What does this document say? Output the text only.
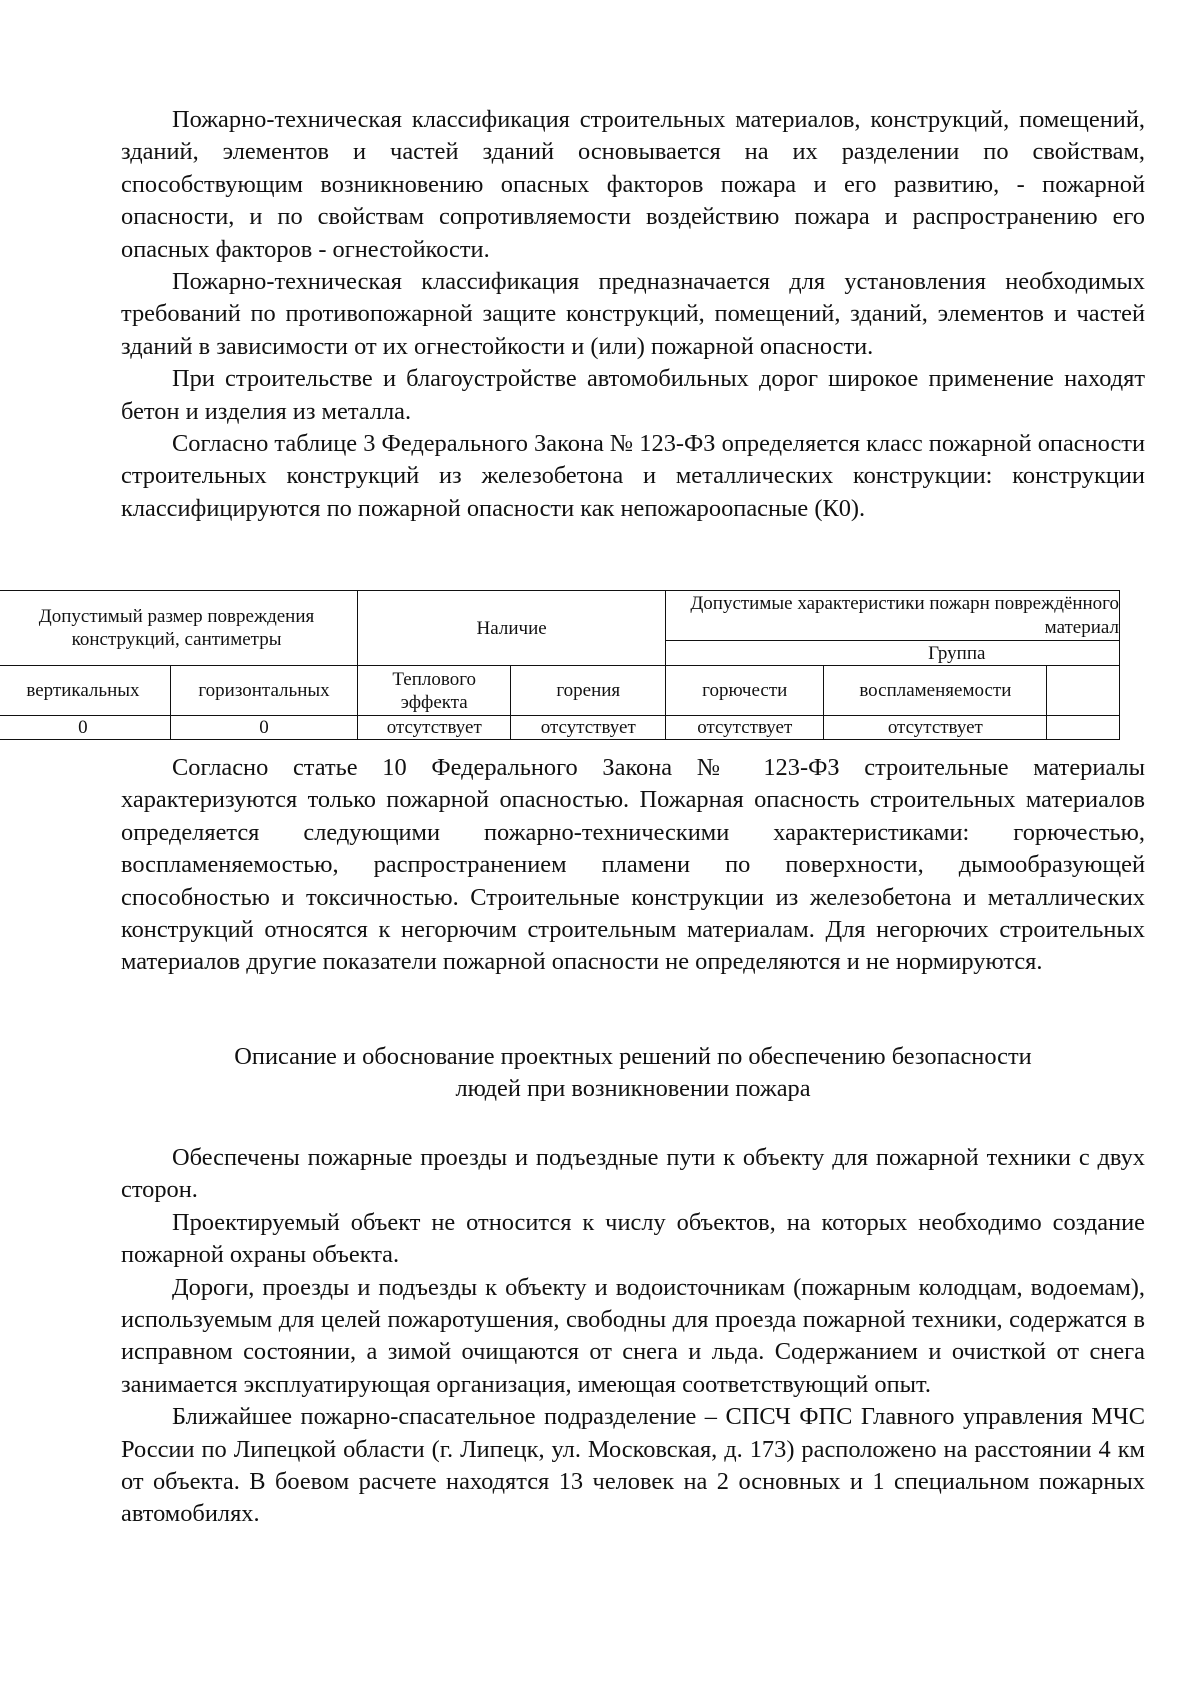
Пожарно-техническая классификация строительных материалов, конструкций, помещений, зданий, элементов и частей зданий основывается на их разделении по свойствам, способствующим возникновению опасных факторов пожара и его развитию, - пожарной опасности, и по свойствам сопротивляемости воздействию пожара и распространению его опасных факторов - огнестойкости.

Пожарно-техническая классификация предназначается для установления необходимых требований по противопожарной защите конструкций, помещений, зданий, элементов и частей зданий в зависимости от их огнестойкости и (или) пожарной опасности.

При строительстве и благоустройстве автомобильных дорог широкое применение находят бетон и изделия из металла.

Согласно таблице 3 Федерального Закона № 123-ФЗ определяется класс пожарной опасности строительных конструкций из железобетона и металлических конструкции: конструкции классифицируются по пожарной опасности как непожароопасные (К0).

	Допустимый размер повреждения конструкций, сантиметры		Наличие		Допустимые характеристики пожарн повреждённого материал		
					Группа		
	вертикальных	горизонтальных	Теплового эффекта	горения	горючести	воспламеняемости	
	0	0	отсутствует	отсутствует	отсутствует	отсутствует	

Согласно статье 10 Федерального Закона № 123-ФЗ строительные материалы характеризуются только пожарной опасностью. Пожарная опасность строительных материалов определяется следующими пожарно-техническими характеристиками: горючестью, воспламеняемостью, распространением пламени по поверхности, дымообразующей способностью и токсичностью. Строительные конструкции из железобетона и металлических конструкций относятся к негорючим строительным материалам. Для негорючих строительных материалов другие показатели пожарной опасности не определяются и не нормируются.

Описание и обоснование проектных решений по обеспечению безопасности
людей при возникновении пожара

Обеспечены пожарные проезды и подъездные пути к объекту для пожарной техники с двух сторон.

Проектируемый объект не относится к числу объектов, на которых необходимо создание пожарной охраны объекта.

Дороги, проезды и подъезды к объекту и водоисточникам (пожарным колодцам, водоемам), используемым для целей пожаротушения, свободны для проезда пожарной техники, содержатся в исправном состоянии, а зимой очищаются от снега и льда. Содержанием и очисткой от снега занимается эксплуатирующая организация, имеющая соответствующий опыт.

Ближайшее пожарно-спасательное подразделение – СПСЧ ФПС Главного управления МЧС России по Липецкой области (г. Липецк, ул. Московская, д. 173) расположено на расстоянии 4 км от объекта. В боевом расчете находятся 13 человек на 2 основных и 1 специальном пожарных автомобилях.
